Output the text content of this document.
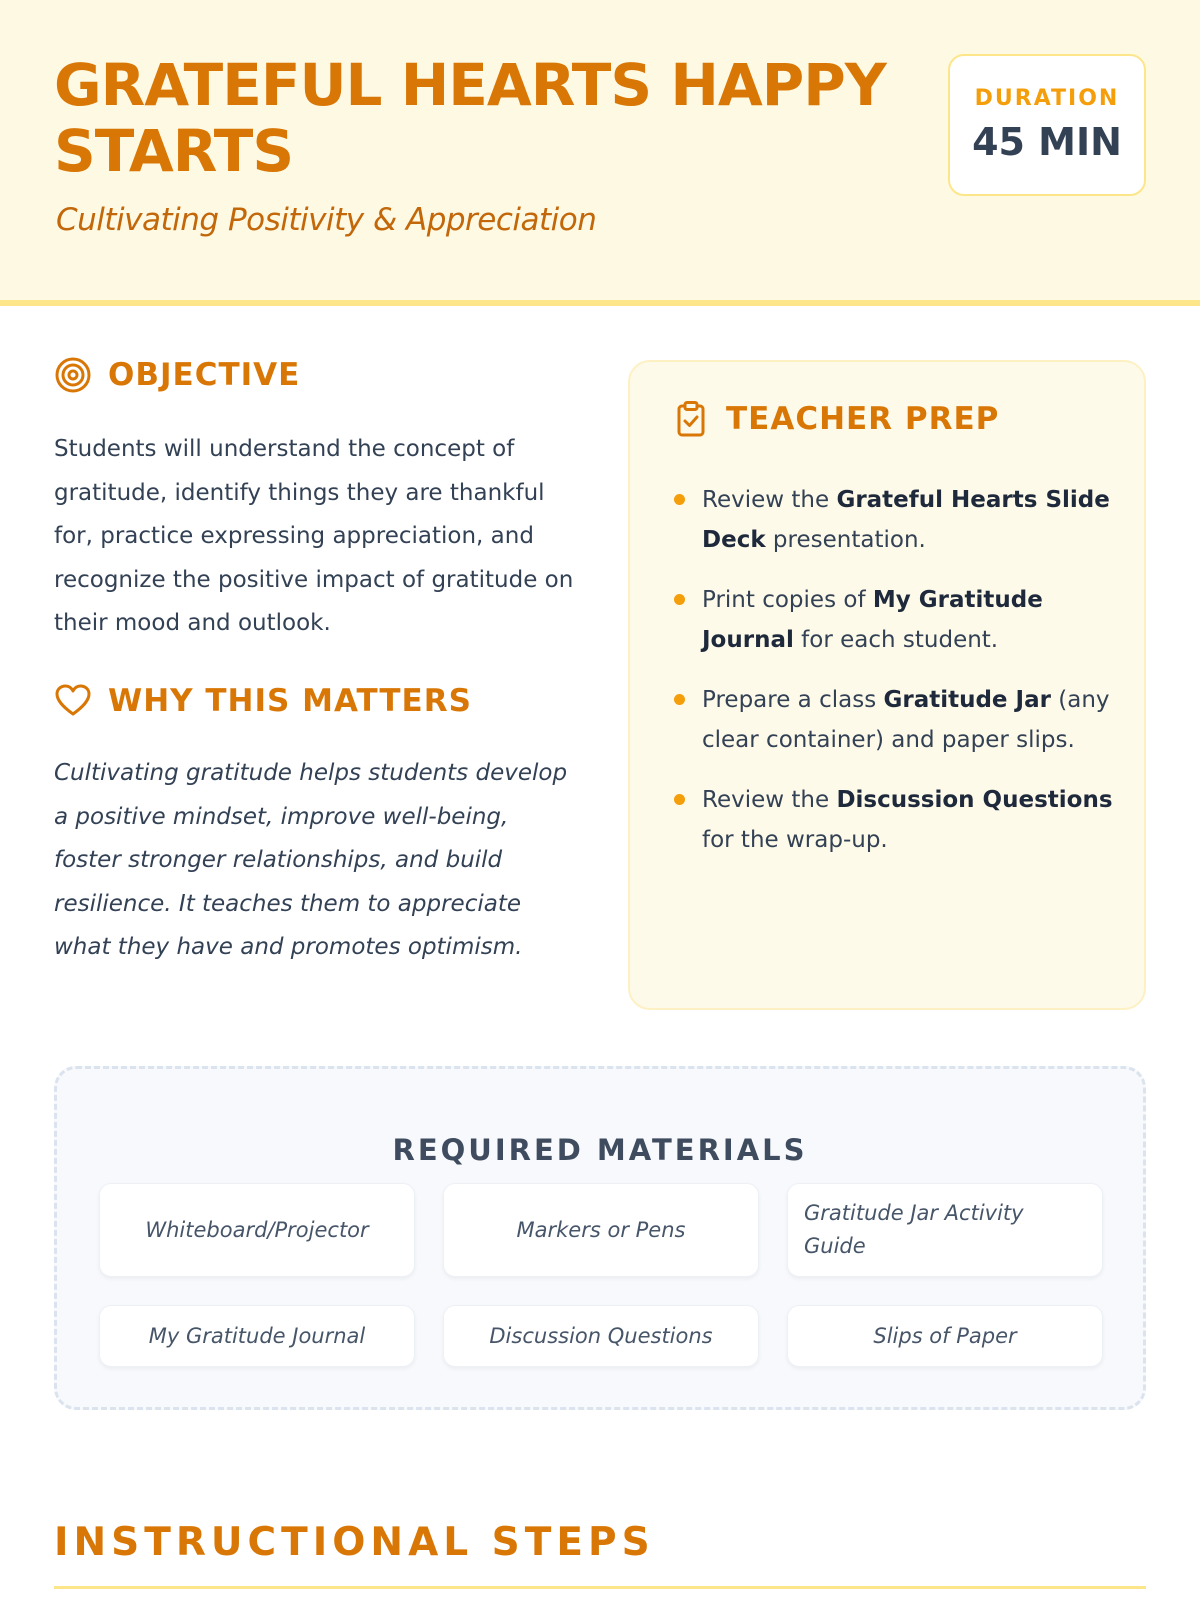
GRATEFUL HEARTS HAPPY STARTS
Cultivating Positivity & Appreciation
DURATION
45 MIN
OBJECTIVE

Students will understand the concept of gratitude, identify things they are thankful for, practice expressing appreciation, and recognize the positive impact of gratitude on their mood and outlook.

WHY THIS MATTERS

Cultivating gratitude helps students develop a positive mindset, improve well-being, foster stronger relationships, and build resilience. It teaches them to appreciate what they have and promotes optimism.

TEACHER PREP
Review the Grateful Hearts Slide Deck presentation.
Print copies of My Gratitude Journal for each student.
Prepare a class Gratitude Jar (any clear container) and paper slips.
Review the Discussion Questions for the wrap-up.
REQUIRED MATERIALS
Whiteboard/Projector	Markers or Pens
Gratitude Jar Activity Guide
My Gratitude Journal	Discussion Questions	Slips of Paper
INSTRUCTIONAL STEPS
